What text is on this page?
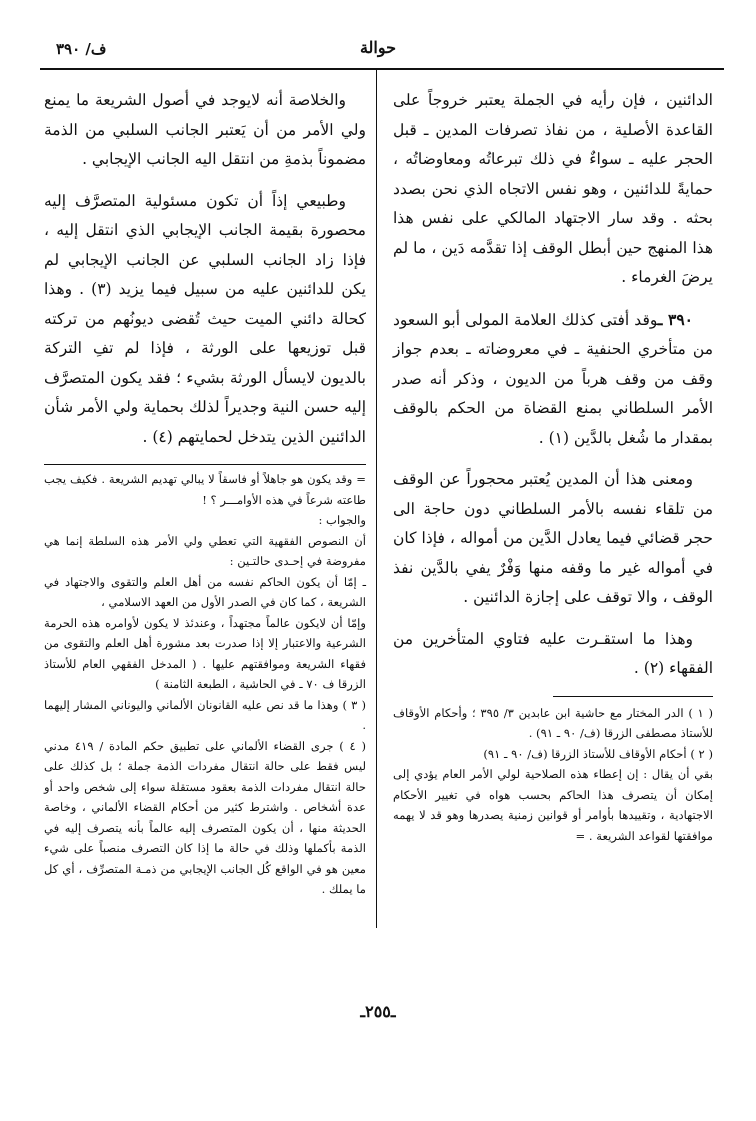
حوالة
ف/ ٣٩٠

الدائنين ، فإن رأيه في الجملة يعتبر خروجاً على القاعدة الأصلية ، من نفاذ تصرفات المدين ـ قبل الحجر عليه ـ سواءٌ في ذلك تبرعاتُه ومعاوضاتُه ، حمايةً للدائنين ، وهو نفس الاتجاه الذي نحن بصدد بحثه . وقد سار الاجتهاد المالكي على نفس هذا هذا المنهج حين أبطل الوقف إذا تقدَّمه دَين ، ما لم يرضَ الغرماء .

٣٩٠ ـوقد أفتى كذلك العلامة المولى أبو السعود من متأخري الحنفية ـ في معروضاته ـ بعدم جواز وقف من وقف هرباً من الديون ، وذكر أنه صدر الأمر السلطاني بمنع القضاة من الحكم بالوقف بمقدار ما شُغل بالدَّين (١) .

ومعنى هذا أن المدين يُعتبر محجوراً عن الوقف من تلقاء نفسه بالأمر السلطاني دون حاجة الى حجر قضائي فيما يعادل الدَّين من أمواله ، فإذا كان في أمواله غير ما وقفه منها وَفْرٌ يفي بالدَّين نفذ الوقف ، والا توقف على إجازة الدائنين .

وهذا ما استقـرت عليه فتاوي المتأخرين من الفقهاء (٢) .

( ١ ) الدر المختار مع حاشية ابن عابدين ٣/ ٣٩٥ ؛ وأحكام الأوقاف للأستاذ مصطفى الزرقا (ف/ ٩٠ ـ ٩١) .

( ٢ ) أحكام الأوقاف للأستاذ الزرقا (ف/ ٩٠ ـ ٩١)

بقي أن يقال : إن إعطاء هذه الصلاحية لولي الأمر العام يؤدي إلى إمكان أن يتصرف هذا الحاكم بحسب هواه في تغيير الأحكام الاجتهادية ، وتقييدها بأوامر أو قوانين زمنية يصدرها وهو قد لا يهمه موافقتها لقواعد الشريعة . =

والخلاصة أنه لايوجد في أصول الشريعة ما يمنع ولي الأمر من أن يَعتبر الجانب السلبي من الذمة مضموناً بذمةِ من انتقل اليه الجانب الإيجابي .

وطبيعي إذاً أن تكون مسئولية المتصرَّف إليه محصورة بقيمة الجانب الإيجابي الذي انتقل إليه ، فإذا زاد الجانب السلبي عن الجانب الإيجابي لم يكن للدائنين عليه من سبيل فيما يزيد (٣) . وهذا كحالة دائني الميت حيث تُقضى ديونُهم من تركته قبل توزيعها على الورثة ، فإذا لم تفِ التركة بالديون لايسأل الورثة بشيء ؛ فقد يكون المتصرَّف إليه حسن النية وجديراً لذلك بحماية ولي الأمر شأن الدائنين الذين يتدخل لحمايتهم (٤) .

= وقد يكون هو جاهلاً أو فاسقاً لا يبالي تهديم الشريعة . فكيف يجب طاعته شرعاً في هذه الأوامـــر ؟ !

والجواب :

أن النصوص الفقهية التي تعطي ولي الأمر هذه السلطة إنما هي مفروضة في إحـدى حالتـين :

ـ إمّا أن يكون الحاكم نفسه من أهل العلم والتقوى والاجتهاد في الشريعة ، كما كان في الصدر الأول من العهد الاسلامي ،

وإمّا أن لايكون عالماً مجتهداً ، وعندئذ لا يكون لأوامره هذه الحرمة الشرعية والاعتبار إلا إذا صدرت بعد مشورة أهل العلم والتقوى من فقهاء الشريعة وموافقتهم عليها . ( المدخل الفقهي العام للأستاذ الزرقا ف ٧٠ ـ في الحاشية ، الطبعة الثامنة )

( ٣ ) وهذا ما قد نص عليه القانونان الألماني واليوناني المشار إليهما .

( ٤ ) جرى القضاء الألماني على تطبيق حكم المادة / ٤١٩ مدني ليس فقط على حالة انتقال مفردات الذمة جملة ؛ بل كذلك على حالة انتقال مفردات الذمة بعقود مستقلة سواء إلى شخص واحد أو عدة أشخاص . واشترط كثير من أحكام القضاء الألماني ، وخاصة الحديثة منها ، أن يكون المتصرف إليه عالماً بأنه يتصرف إليه في الذمة بأكملها وذلك في حالة ما إذا كان التصرف منصباً على شيء معين هو في الواقع كُل الجانب الإيجابي من ذمـة المتصرِّف ، أي كل ما يملك .

ـ٢٥٥ـ
